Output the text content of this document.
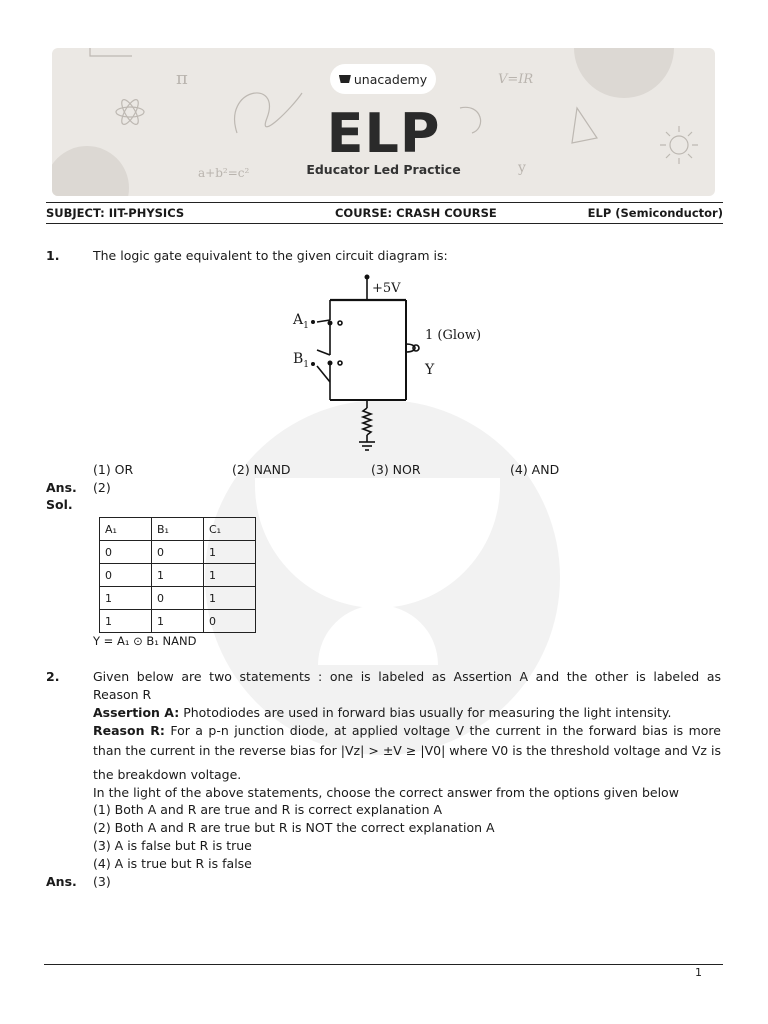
π	V=IR
a+b²=c²	y
unacademy
ELP
Educator Led Practice
SUBJECT: IIT-PHYSICS	COURSE: CRASH COURSE	ELP (Semiconductor)
1.	The logic gate equivalent to the given circuit diagram is:
+5V
$A_1$
$B_1$
1 (Glow)
Y
(1) OR	(2) NAND	(3) NOR	(4) AND
Ans. (2)
Sol.
A₁	B₁	C₁
0	0	1
0	1	1
1	0	1
1	1	0
Y = A₁ ⊙ B₁ NAND
2.	Given below are two statements : one is labeled as Assertion A and the other is labeled as
Reason R
Assertion A: Photodiodes are used in forward bias usually for measuring the light intensity.
Reason R: For a p-n junction diode, at applied voltage V the current in the forward bias is more
than the current in the reverse bias for |Vz| > ±V ≥ |V0| where V0 is the threshold voltage and Vz is
the breakdown voltage.
In the light of the above statements, choose the correct answer from the options given below
(1) Both A and R are true and R is correct explanation A
(2) Both A and R are true but R is NOT the correct explanation A
(3) A is false but R is true
(4) A is true but R is false
Ans. (3)
1
